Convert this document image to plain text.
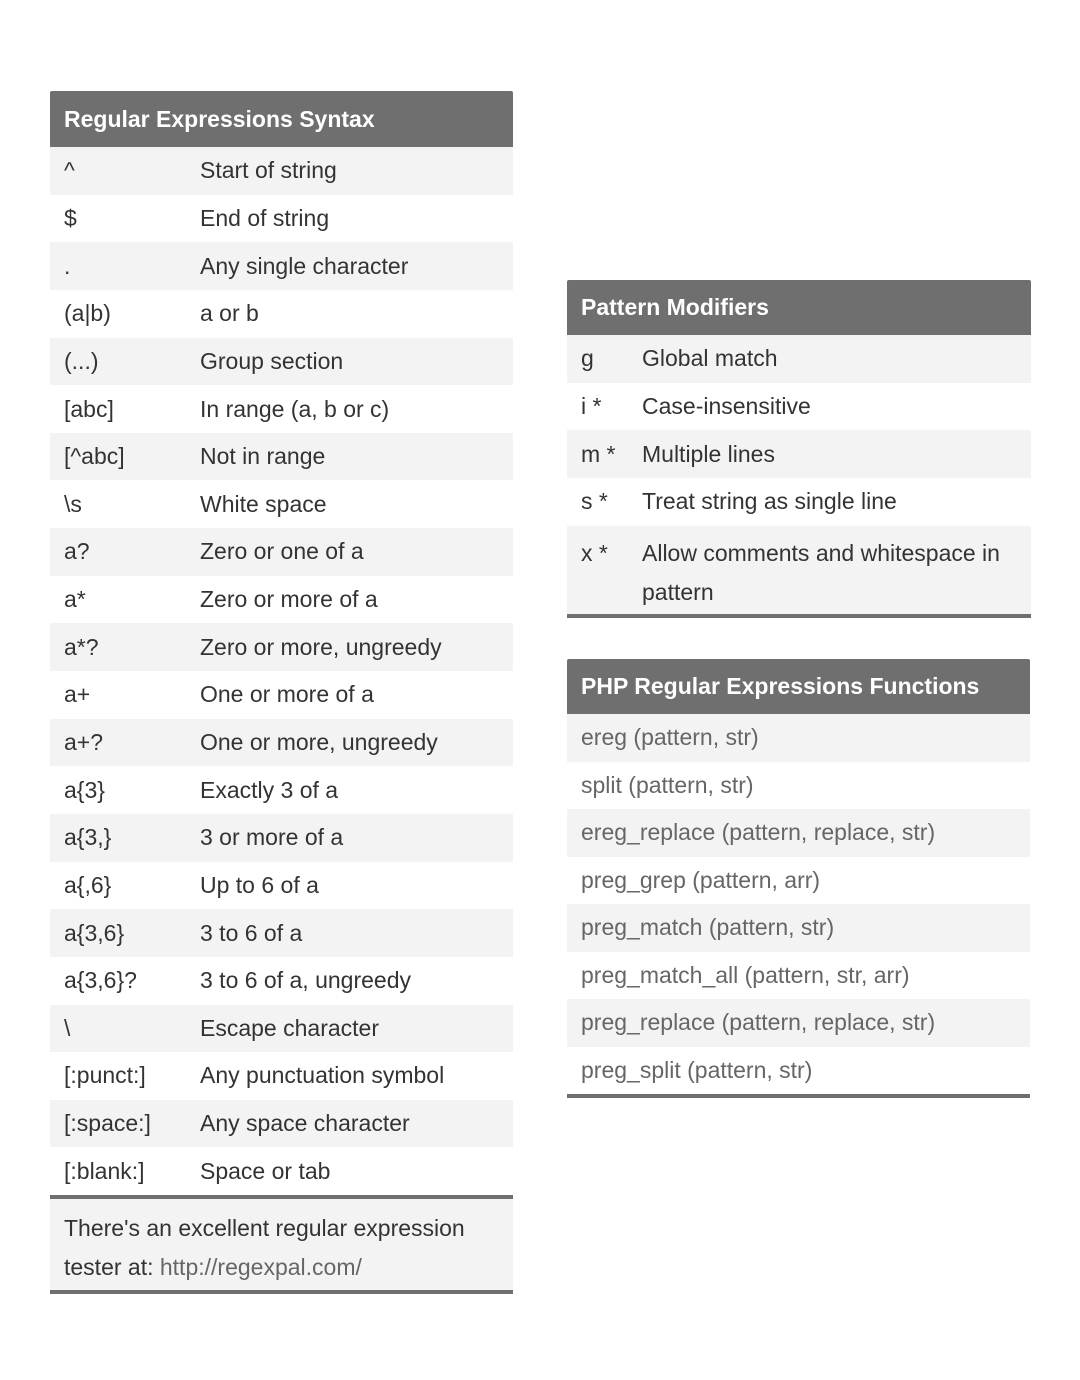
Regular Expressions Syntax
^	Start of string
$	End of string
.	Any single character
(a|b)	a or b
(...)	Group section
[abc]	In range (a, b or c)
[^abc]	Not in range
\s	White space
a?	Zero or one of a
a*	Zero or more of a
a*?	Zero or more, ungreedy
a+	One or more of a
a+?	One or more, ungreedy
a{3}	Exactly 3 of a
a{3,}	3 or more of a
a{,6}	Up to 6 of a
a{3,6}	3 to 6 of a
a{3,6}?	3 to 6 of a, ungreedy
\	Escape character
[:punct:]	Any punctuation symbol
[:space:]	Any space character
[:blank:]	Space or tab
There's an excellent regular expression tester at: http://regexpal.com/
Pattern Modifiers
g	Global match
i *	Case-insensitive
m *	Multiple lines
s *	Treat string as single line
x *	Allow comments and whitespace in pattern
PHP Regular Expressions Functions
ereg (pattern, str)
split (pattern, str)
ereg_replace (pattern, replace, str)
preg_grep (pattern, arr)
preg_match (pattern, str)
preg_match_all (pattern, str, arr)
preg_replace (pattern, replace, str)
preg_split (pattern, str)
